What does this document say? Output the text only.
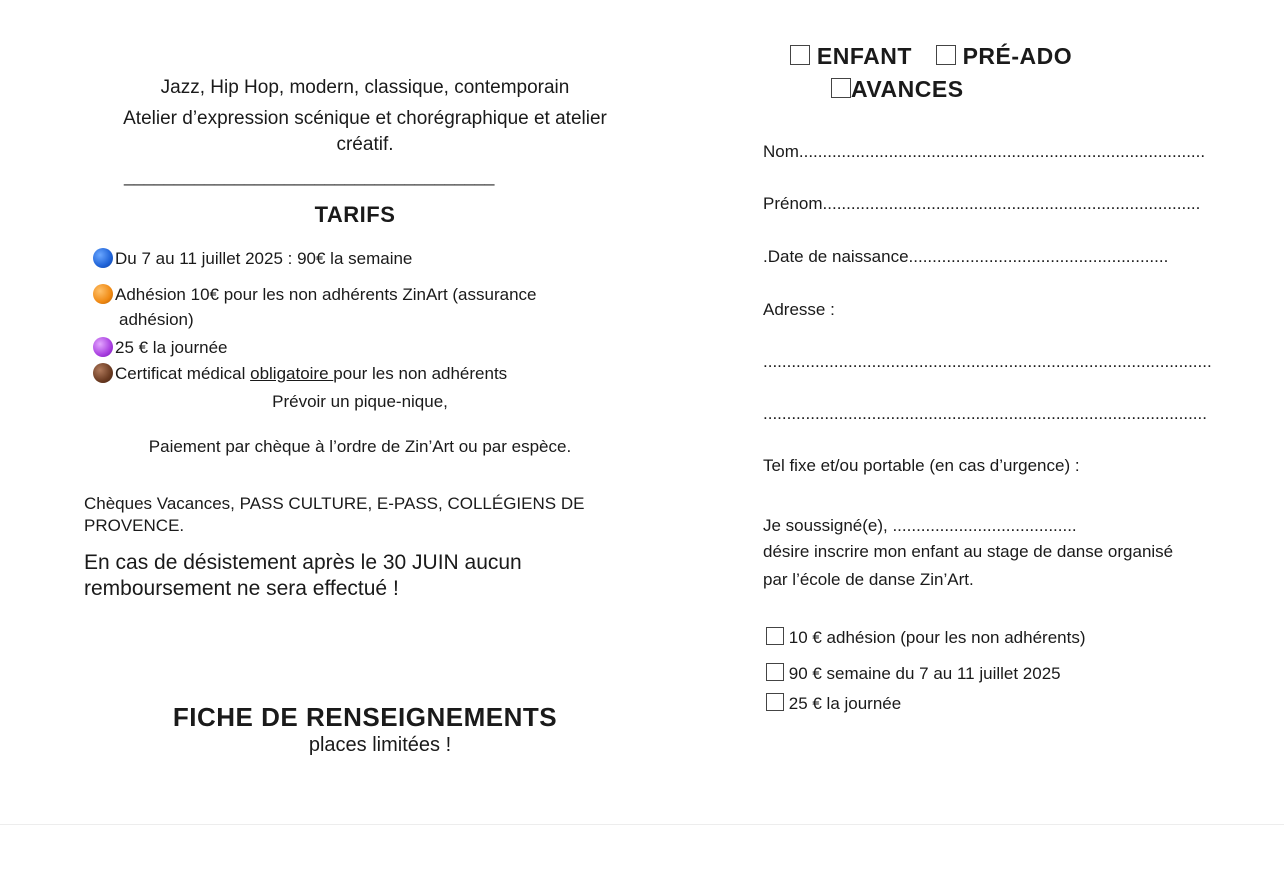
Jazz, Hip Hop, modern, classique, contemporain
Atelier d’expression scénique et chorégraphique et atelier
créatif.
_____________________________________
TARIFS
Du 7 au 11 juillet 2025 : 90€ la semaine
Adhésion 10€ pour les non adhérents ZinArt (assurance
adhésion)
25 € la journée
Certificat médical obligatoire pour les non adhérents
Prévoir un pique-nique,
Paiement par chèque à l’ordre de Zin’Art ou par espèce.
Chèques Vacances, PASS CULTURE, E-PASS, COLLÉGIENS DE
PROVENCE.
En cas de désistement après le 30 JUIN aucun
remboursement ne sera effectué !
FICHE DE RENSEIGNEMENTS
places limitées !
ENFANT PRÉ-ADO
AVANCES
Nom......................................................................................
Prénom................................................................................
.Date de naissance.......................................................
Adresse :
...............................................................................................
..............................................................................................
Tel fixe et/ou portable (en cas d’urgence) :
Je soussigné(e), .......................................
désire inscrire mon enfant au stage de danse organisé
par l’école de danse Zin’Art.
10 € adhésion (pour les non adhérents)
90 € semaine du 7 au 11 juillet 2025
25 € la journée
